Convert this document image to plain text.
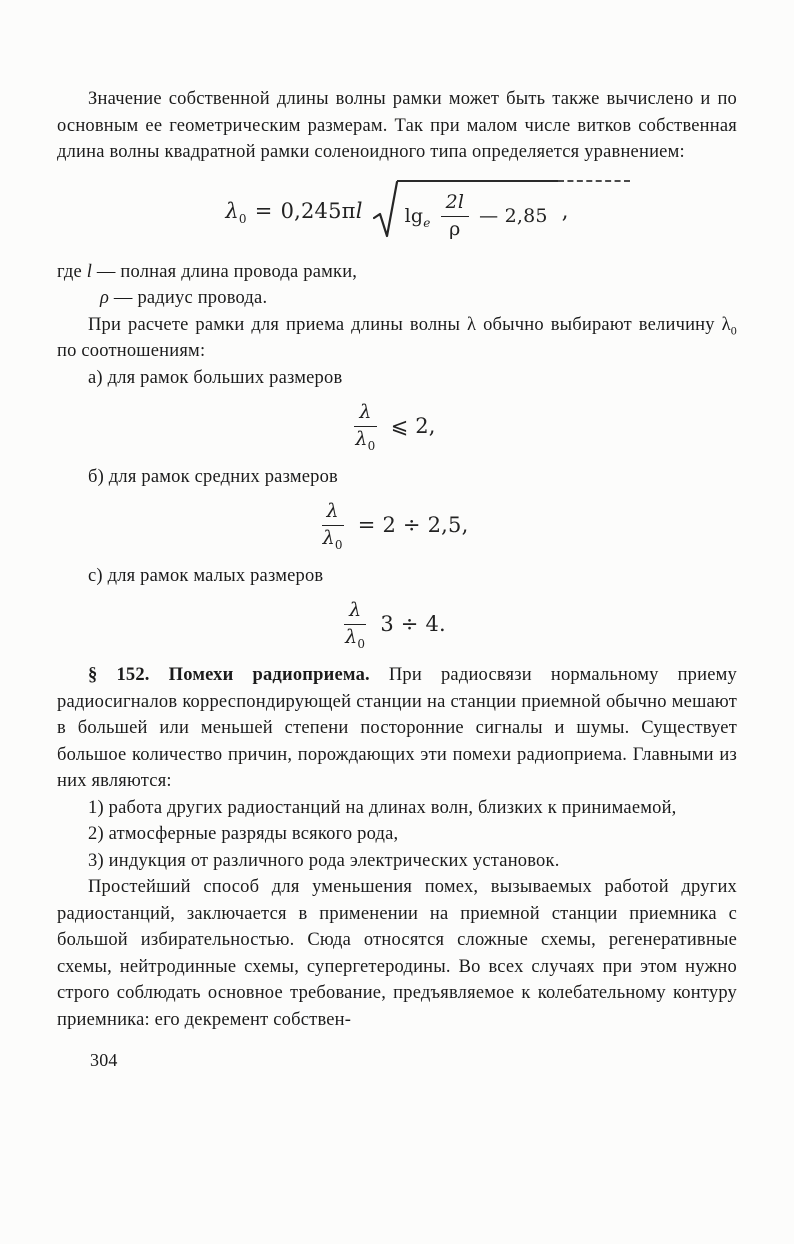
Значение собственной длины волны рамки может быть также вычислено и по основным ее геометрическим размерам. Так при малом числе витков собственная длина волны квадратной рамки соленоидного типа определяется уравнением:

$\lambda_0 = 0,245\pi l$ $\lg_e \frac{2l}{\rho}$ — 2,85 ,

где l — полная длина провода рамки,
ρ — радиус провода.

При расчете рамки для приема длины волны λ обычно выбирают величину $\lambda_0$ по соотношениям:

а) для рамок больших размеров

$\frac{\lambda}{\lambda_0}$ ⩽ 2,

б) для рамок средних размеров

$\frac{\lambda}{\lambda_0} = 2 \div 2,5$,

с) для рамок малых размеров

$\frac{\lambda}{\lambda_0} 3 \div 4$.

§ 152. Помехи радиоприема. При радиосвязи нормальному приему радиосигналов корреспондирующей станции на станции приемной обычно мешают в большей или меньшей степени посторонние сигналы и шумы. Существует большое количество причин, порождающих эти помехи радиоприема. Главными из них являются:

1) работа других радиостанций на длинах волн, близких к принимаемой,

2) атмосферные разряды всякого рода,

3) индукция от различного рода электрических установок.

Простейший способ для уменьшения помех, вызываемых работой других радиостанций, заключается в применении на приемной станции приемника с большой избирательностью. Сюда относятся сложные схемы, регенеративные схемы, нейтродинные схемы, супергетеродины. Во всех случаях при этом нужно строго соблюдать основное требование, предъявляемое к колебательному контуру приемника: его декремент собствен-

304
